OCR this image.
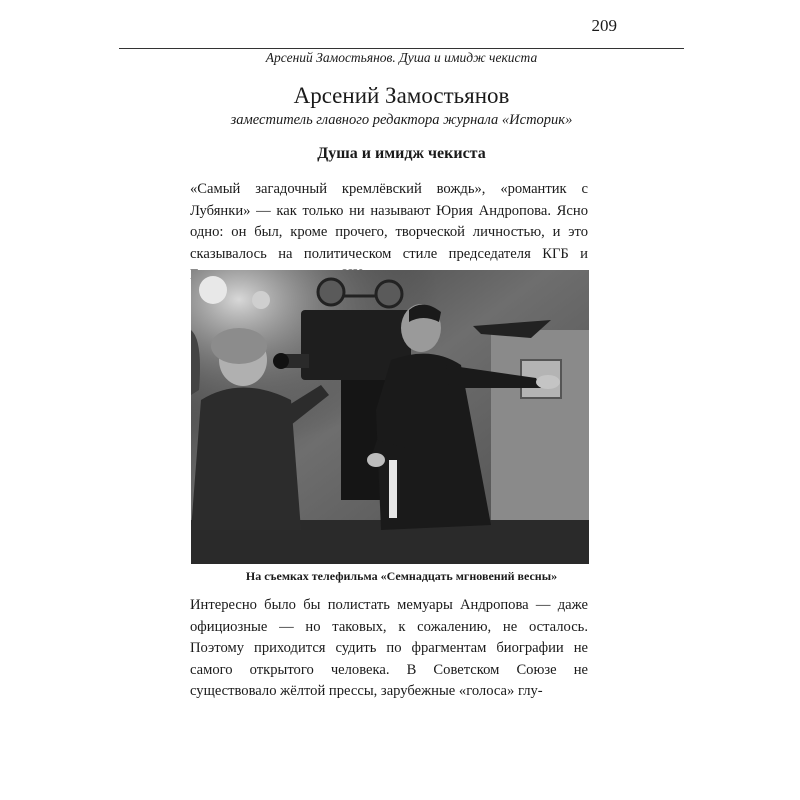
209
Арсений Замостьянов. Душа и имидж чекиста
Арсений Замостьянов
заместитель главного редактора журнала «Историк»
Душа и имидж чекиста

«Самый загадочный кремлёвский вождь», «романтик с Лубянки» — как только ни называют Юрия Андропова. Ясно одно: он был, кроме прочего, творческой личностью, и это сказывалось на политическом стиле председателя КГБ и

На съемках телефильма «Семнадцать мгновений весны»

Интересно было бы полистать мемуары Андропова — даже официозные — но таковых, к сожалению, не осталось. Поэтому приходится судить по фрагментам биографии не самого открытого человека. В Советском Союзе не существовало жёлтой прессы, зарубежные «голоса» глу-
